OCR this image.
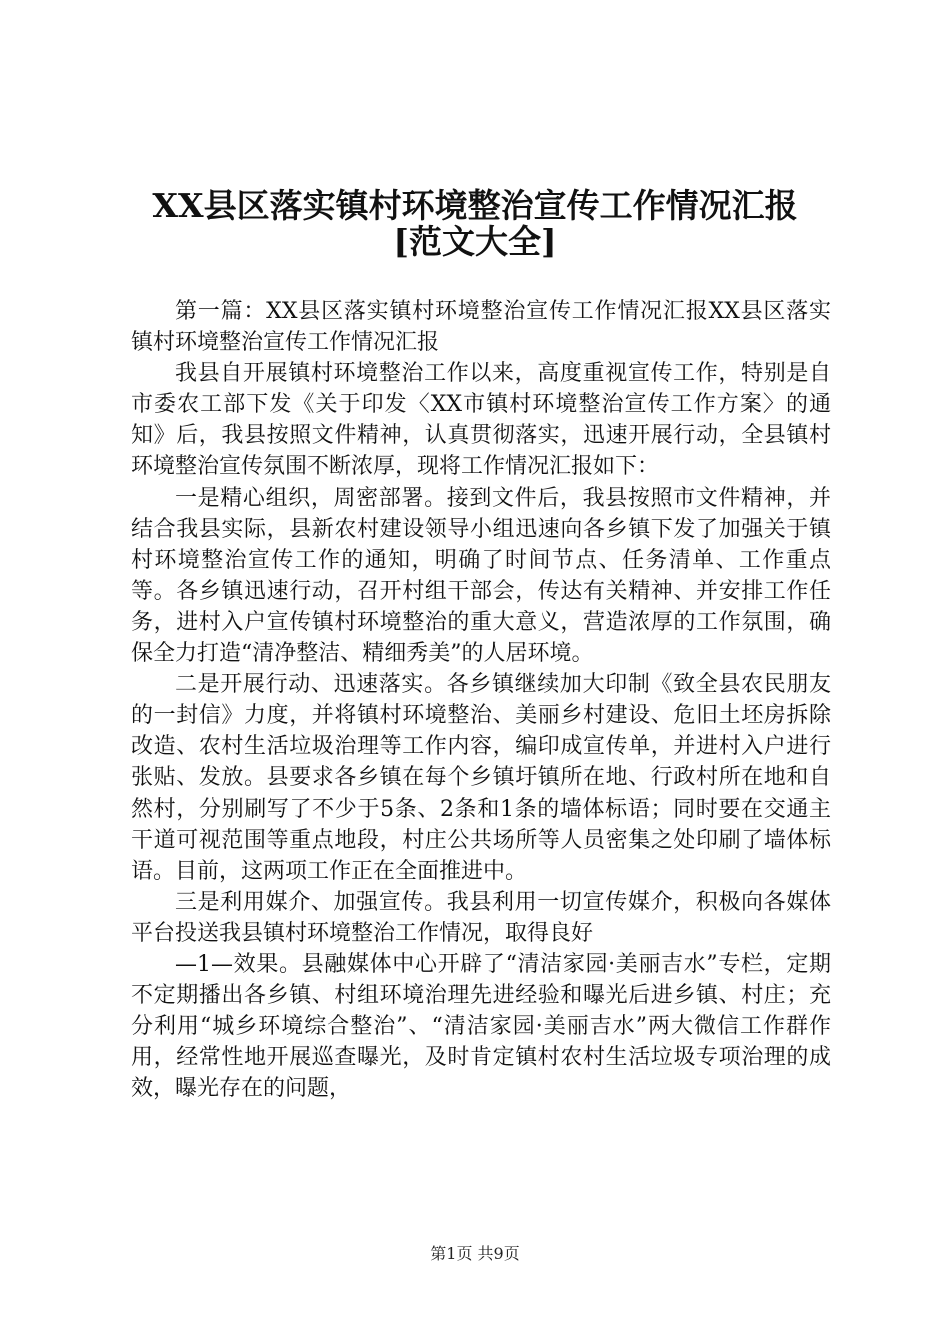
XX县区落实镇村环境整治宣传工作情况汇报
[范文大全]

第一篇：XX县区落实镇村环境整治宣传工作情况汇报XX县区落实镇村环境整治宣传工作情况汇报

我县自开展镇村环境整治工作以来，高度重视宣传工作，特别是自市委农工部下发《关于印发〈XX市镇村环境整治宣传工作方案〉的通知》后，我县按照文件精神，认真贯彻落实，迅速开展行动，全县镇村环境整治宣传氛围不断浓厚，现将工作情况汇报如下：

一是精心组织，周密部署。接到文件后，我县按照市文件精神，并结合我县实际，县新农村建设领导小组迅速向各乡镇下发了加强关于镇村环境整治宣传工作的通知，明确了时间节点、任务清单、工作重点等。各乡镇迅速行动，召开村组干部会，传达有关精神、并安排工作任务，进村入户宣传镇村环境整治的重大意义，营造浓厚的工作氛围，确保全力打造“清净整洁、精细秀美”的人居环境。

二是开展行动、迅速落实。各乡镇继续加大印制《致全县农民朋友的一封信》力度，并将镇村环境整治、美丽乡村建设、危旧土坯房拆除改造、农村生活垃圾治理等工作内容，编印成宣传单，并进村入户进行张贴、发放。县要求各乡镇在每个乡镇圩镇所在地、行政村所在地和自然村，分别刷写了不少于5条、2条和1条的墙体标语；同时要在交通主干道可视范围等重点地段，村庄公共场所等人员密集之处印刷了墙体标语。目前，这两项工作正在全面推进中。

三是利用媒介、加强宣传。我县利用一切宣传媒介，积极向各媒体平台投送我县镇村环境整治工作情况，取得良好

—1—效果。县融媒体中心开辟了“清洁家园·美丽吉水”专栏，定期不定期播出各乡镇、村组环境治理先进经验和曝光后进乡镇、村庄；充分利用“城乡环境综合整治”、“清洁家园·美丽吉水”两大微信工作群作用，经常性地开展巡查曝光，及时肯定镇村农村生活垃圾专项治理的成效，曝光存在的问题，

第1页 共9页
